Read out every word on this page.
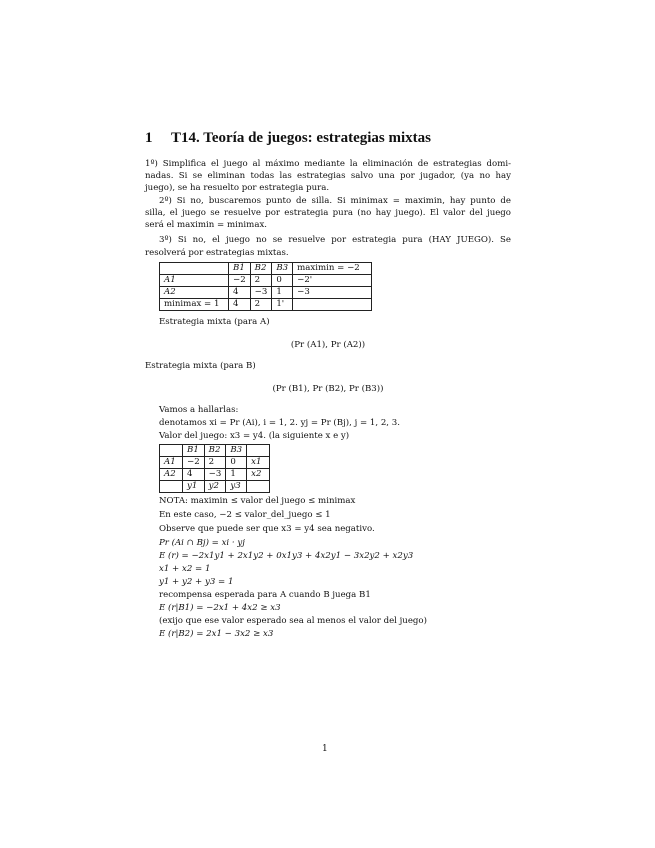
1 T14. Teoría de juegos: estrategias mixtas
1º) Simplifica el juego al máximo mediante la eliminación de estrategias domi-
nadas. Si se eliminan todas las estrategias salvo una por jugador, (ya no hay
juego), se ha resuelto por estrategia pura.
2º) Si no, buscaremos punto de silla. Si minimax = maximin, hay punto de
silla, el juego se resuelve por estrategia pura (no hay juego). El valor del juego
será el maximin = minimax.
3º) Si no, el juego no se resuelve por estrategia pura (HAY JUEGO). Se
resolverá por estrategias mixtas.
	B1	B2	B3	maximin = −2
A1	−2	2	0	−2'
A2	4	−3	1	−3
minimax = 1	4	2	1'	
Estrategia mixta (para A)
(Pr (A1), Pr (A2))
Estrategia mixta (para B)
(Pr (B1), Pr (B2), Pr (B3))
Vamos a hallarlas:
denotamos xi = Pr (Ai), i = 1, 2. yj = Pr (Bj), j = 1, 2, 3.
Valor del juego: x3 = y4. (la siguiente x e y)
	B1	B2	B3	
A1	−2	2	0	x1
A2	4	−3	1	x2
	y1	y2	y3	
NOTA: maximin ≤ valor del juego ≤ minimax
En este caso, −2 ≤ valor_del_juego ≤ 1
Observe que puede ser que x3 = y4 sea negativo.
Pr (Ai ∩ Bj) = xi · yj
E (r) = −2x1y1 + 2x1y2 + 0x1y3 + 4x2y1 − 3x2y2 + x2y3
x1 + x2 = 1
y1 + y2 + y3 = 1
recompensa esperada para A cuando B juega B1
E (r|B1) = −2x1 + 4x2 ≥ x3
(exijo que ese valor esperado sea al menos el valor del juego)
E (r|B2) = 2x1 − 3x2 ≥ x3
1
